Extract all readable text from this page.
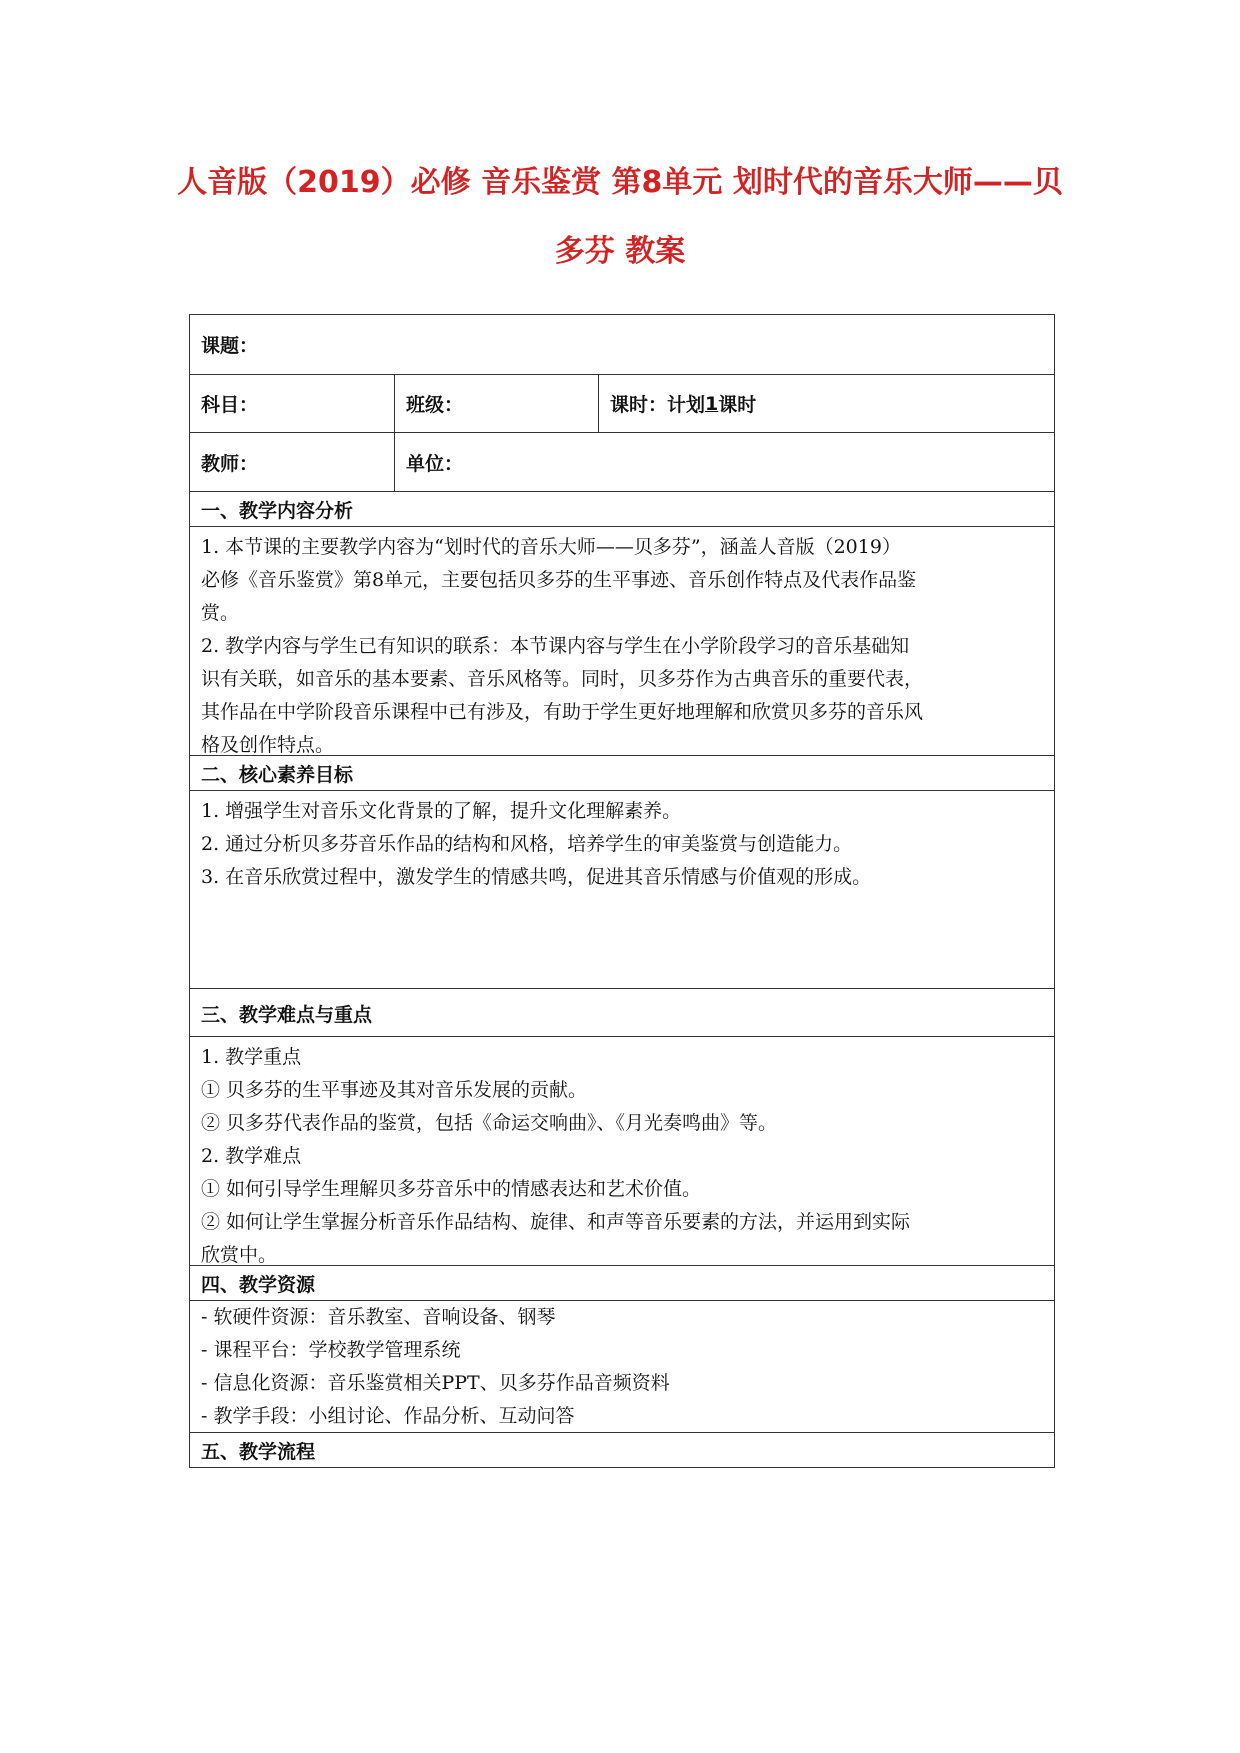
人音版（2019）必修 音乐鉴赏 第8单元 划时代的音乐大师——贝
多芬 教案
课题：
科目：	班级：	课时：计划 1 课时
教师：	单位：
一、教学内容分析
1. 本节课的主要教学内容为“划时代的音乐大师——贝多芬”，涵盖人音版（2019）
必修《音乐鉴赏》第8单元，主要包括贝多芬的生平事迹、音乐创作特点及代表作品鉴
赏。
2. 教学内容与学生已有知识的联系：本节课内容与学生在小学阶段学习的音乐基础知
识有关联，如音乐的基本要素、音乐风格等。同时，贝多芬作为古典音乐的重要代表，
其作品在中学阶段音乐课程中已有涉及，有助于学生更好地理解和欣赏贝多芬的音乐风
格及创作特点。
二、核心素养目标
1. 增强学生对音乐文化背景的了解，提升文化理解素养。
2. 通过分析贝多芬音乐作品的结构和风格，培养学生的审美鉴赏与创造能力。
3. 在音乐欣赏过程中，激发学生的情感共鸣，促进其音乐情感与价值观的形成。
三、教学难点与重点
1. 教学重点
① 贝多芬的生平事迹及其对音乐发展的贡献。
② 贝多芬代表作品的鉴赏，包括《命运交响曲》、《月光奏鸣曲》等。
2. 教学难点
① 如何引导学生理解贝多芬音乐中的情感表达和艺术价值。
② 如何让学生掌握分析音乐作品结构、旋律、和声等音乐要素的方法，并运用到实际
欣赏中。
四、教学资源
- 软硬件资源：音乐教室、音响设备、钢琴
- 课程平台：学校教学管理系统
- 信息化资源：音乐鉴赏相关PPT、贝多芬作品音频资料
- 教学手段：小组讨论、作品分析、互动问答
五、教学流程
